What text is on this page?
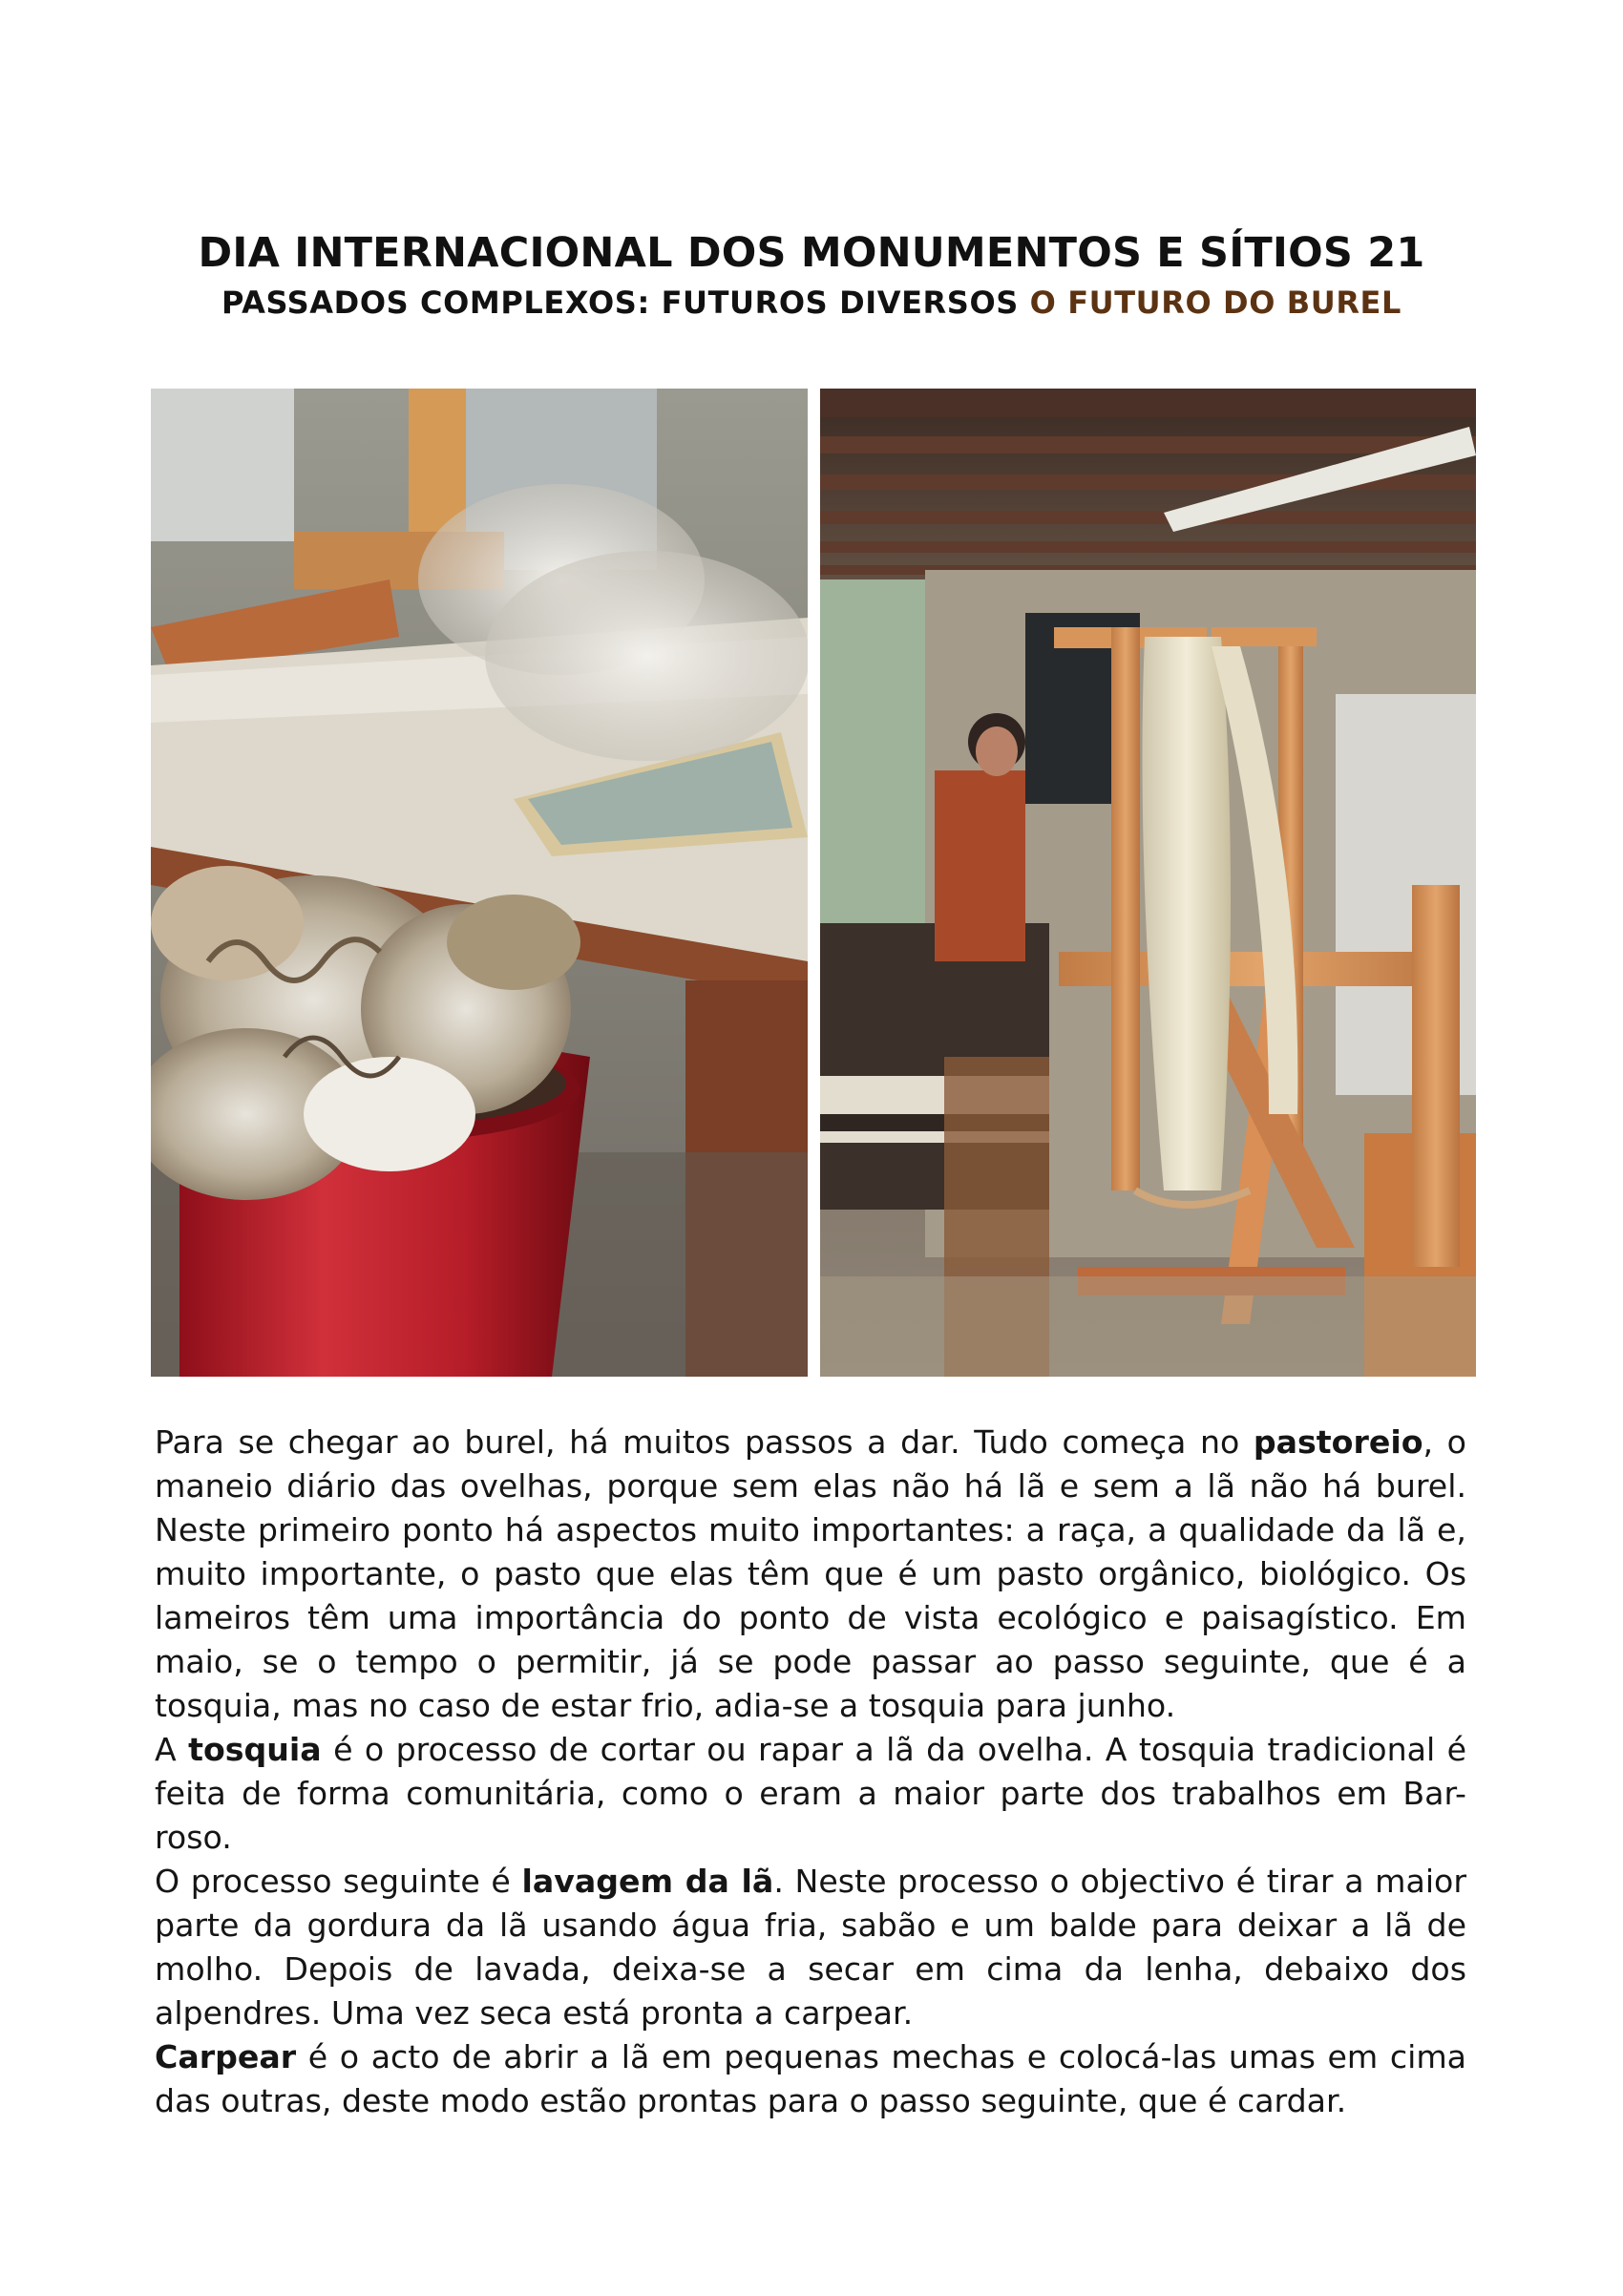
DIA INTERNACIONAL DOS MONUMENTOS E SÍTIOS 21
PASSADOS COMPLEXOS: FUTUROS DIVERSOS O FUTURO DO BUREL

Para se chegar ao burel, há muitos passos a dar. Tudo começa no pastoreio, o maneio diário das ovelhas, porque sem elas não há lã e sem a lã não há burel. Neste primeiro ponto há aspectos muito importantes: a raça, a qualidade da lã e, muito importante, o pasto que elas têm que é um pasto orgânico, biológico. Os lameiros têm uma importância do ponto de vista ecológico e paisagístico. Em maio, se o tempo o permitir, já se pode passar ao passo seguinte, que é a tosquia, mas no caso de estar frio, adia-se a tosquia para junho.

A tosquia é o processo de cortar ou rapar a lã da ovelha. A tosquia tradicional é feita de forma comunitária, como o eram a maior parte dos trabalhos em Bar-roso.

O processo seguinte é lavagem da lã. Neste processo o objectivo é tirar a maior parte da gordura da lã usando água fria, sabão e um balde para deixar a lã de molho. Depois de lavada, deixa-se a secar em cima da lenha, debaixo dos alpendres. Uma vez seca está pronta a carpear.

Carpear é o acto de abrir a lã em pequenas mechas e colocá-las umas em cima das outras, deste modo estão prontas para o passo seguinte, que é cardar.
